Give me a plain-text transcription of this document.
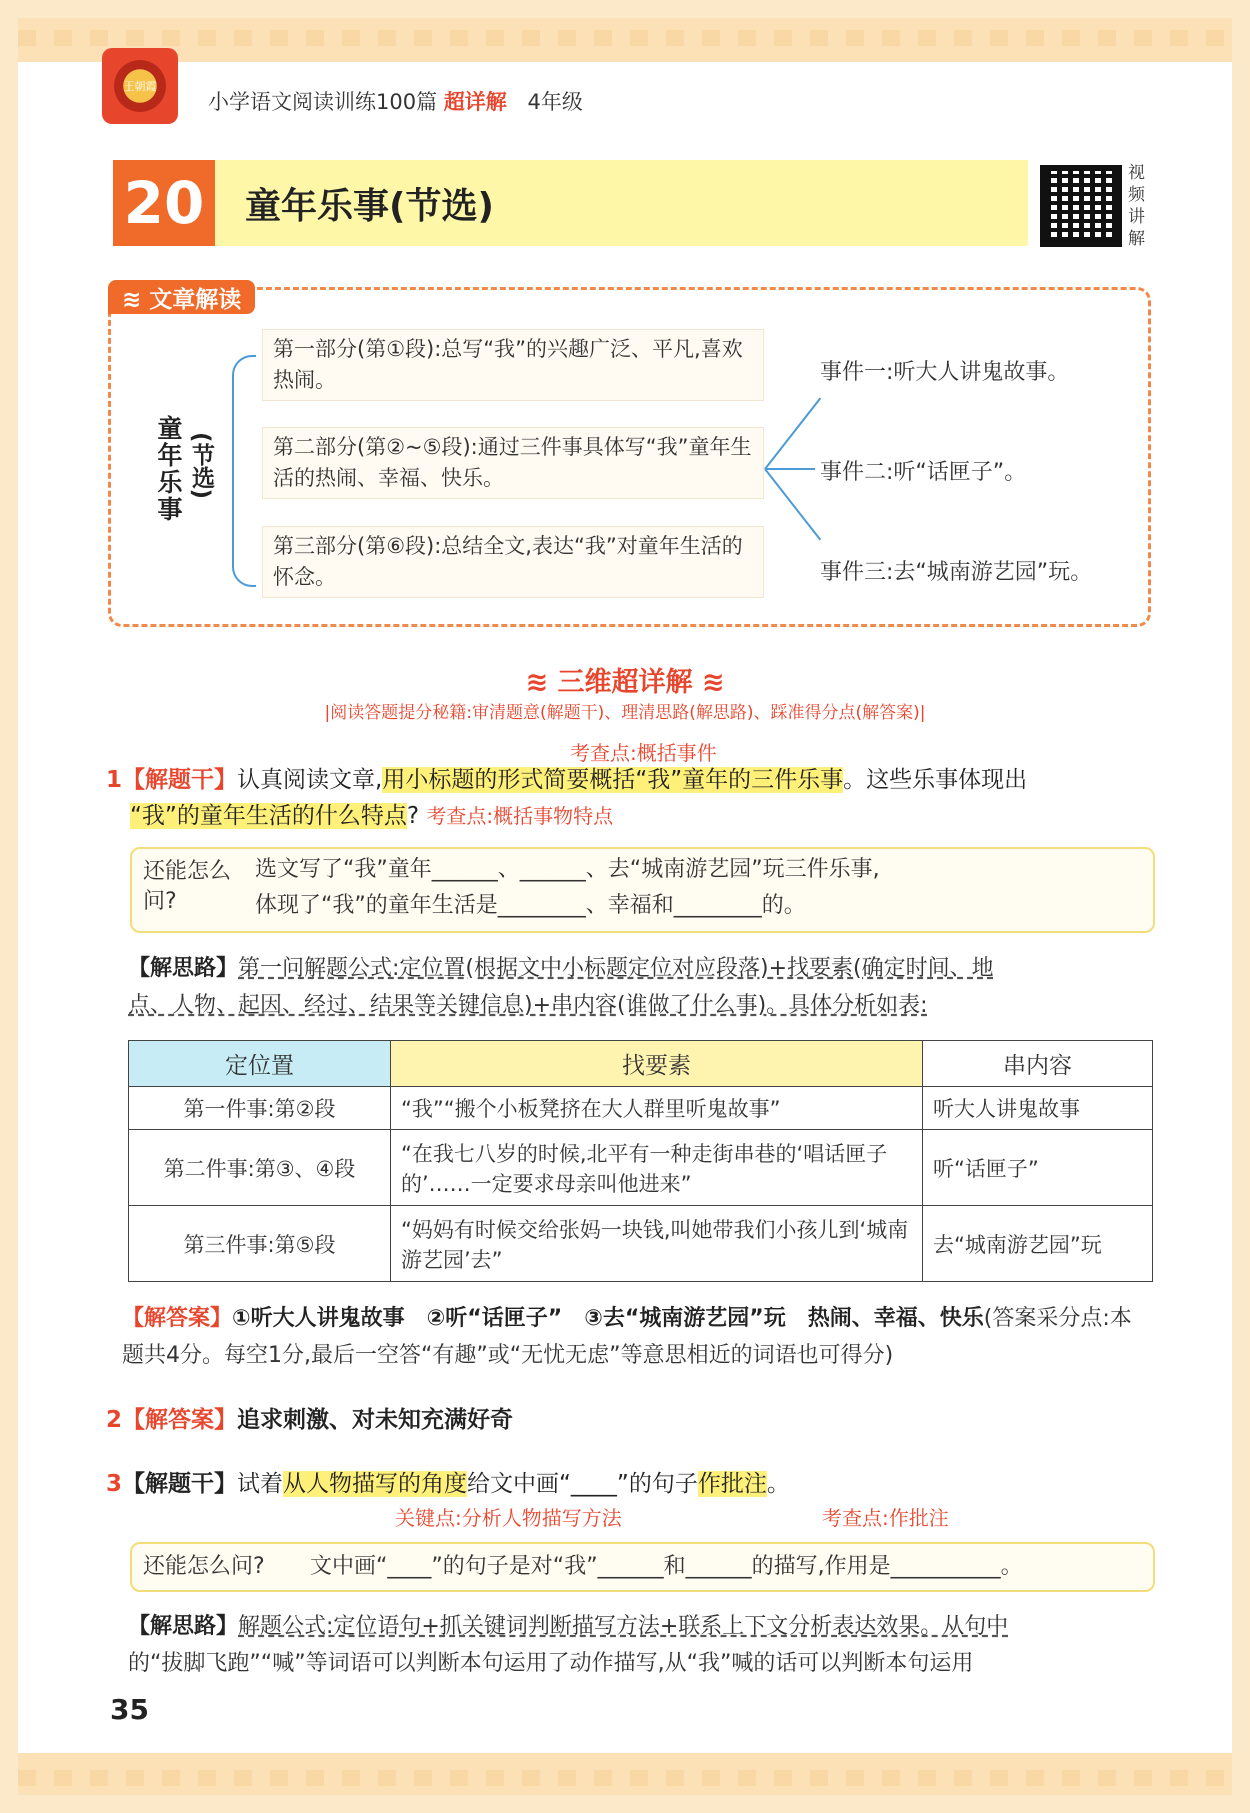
王朝霞
小学语文阅读训练100篇 超详解 4年级
20 童年乐事(节选)
视频讲解
≋ 文章解读
童年乐事 (节选)
第一部分(第①段):总写“我”的兴趣广泛、平凡,喜欢热闹。
第二部分(第②~⑤段):通过三件事具体写“我”童年生活的热闹、幸福、快乐。
第三部分(第⑥段):总结全文,表达“我”对童年生活的怀念。
事件一:听大人讲鬼故事。
事件二:听“话匣子”。
事件三:去“城南游艺园”玩。
≋ 三维超详解 ≋
|阅读答题提分秘籍:审清题意(解题干)、理清思路(解思路)、踩准得分点(解答案)|
考查点:概括事件
1【解题干】认真阅读文章,用小标题的形式简要概括“我”童年的三件乐事。这些乐事体现出
“我”的童年生活的什么特点? 考查点:概括事物特点
还能怎么问?
选文写了“我”童年______、______、去“城南游艺园”玩三件乐事,
体现了“我”的童年生活是________、幸福和________的。
【解思路】第一问解题公式:定位置(根据文中小标题定位对应段落)+找要素(确定时间、地
点、人物、起因、经过、结果等关键信息)+串内容(谁做了什么事)。具体分析如表:
定位置	找要素	串内容
第一件事:第②段	“我”“搬个小板凳挤在大人群里听鬼故事”	听大人讲鬼故事
第二件事:第③、④段	“在我七八岁的时候,北平有一种走街串巷的‘唱话匣子的’……一定要求母亲叫他进来”	听“话匣子”
第三件事:第⑤段	“妈妈有时候交给张妈一块钱,叫她带我们小孩儿到‘城南游艺园’去”	去“城南游艺园”玩
【解答案】①听大人讲鬼故事　②听“话匣子”　③去“城南游艺园”玩　热闹、幸福、快乐(答案采分点:本题共4分。每空1分,最后一空答“有趣”或“无忧无虑”等意思相近的词语也可得分)
2【解答案】追求刺激、对未知充满好奇
3【解题干】试着从人物描写的角度给文中画“____”的句子作批注。
关键点:分析人物描写方法	考查点:作批注
还能怎么问? 文中画“____”的句子是对“我”______和______的描写,作用是__________。
【解思路】解题公式:定位语句+抓关键词判断描写方法+联系上下文分析表达效果。从句中
的“拔脚飞跑”“喊”等词语可以判断本句运用了动作描写,从“我”喊的话可以判断本句运用
35
